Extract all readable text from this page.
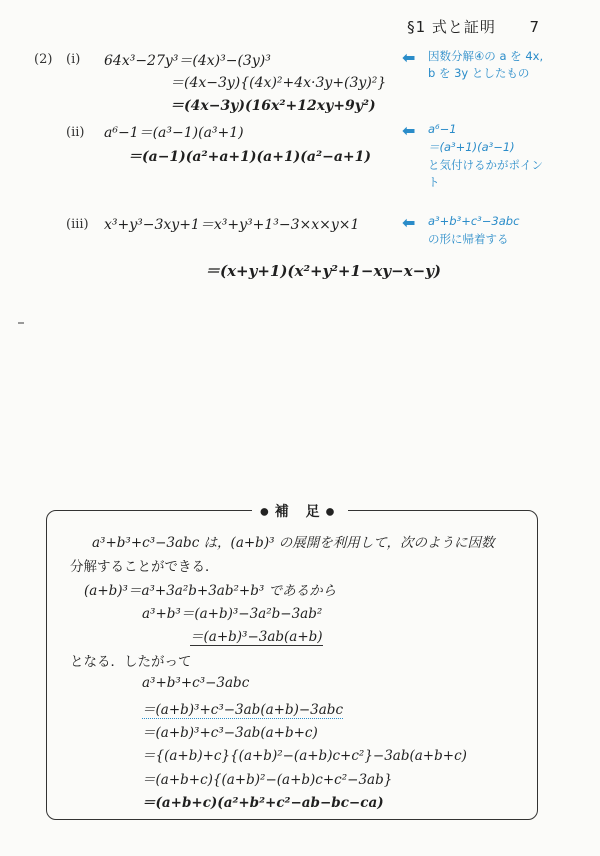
§1 式と証明 7
(2) (i) 64x³−27y³＝(4x)³−(3y)³
＝(4x−3y){(4x)²+4x·3y+(3y)²}
＝(4x−3y)(16x²+12xy+9y²)
⬅ 因数分解④の a を 4x, b を 3y としたもの
(ii) a⁶−1＝(a³−1)(a³+1)
＝(a−1)(a²+a+1)(a+1)(a²−a+1)
⬅ a⁶−1
＝(a³+1)(a³−1)
と気付けるかがポイント
(iii) x³+y³−3xy+1＝x³+y³+1³−3×x×y×1
＝(x+y+1)(x²+y²+1−xy−x−y)
⬅ a³+b³+c³−3abc
の形に帰着する
●補 足●
a³+b³+c³−3abc は，(a+b)³ の展開を利用して，次のように因数
分解することができる．
(a+b)³＝a³+3a²b+3ab²+b³ であるから
a³+b³＝(a+b)³−3a²b−3ab²
＝(a+b)³−3ab(a+b)
となる．したがって
a³+b³+c³−3abc
＝(a+b)³+c³−3ab(a+b)−3abc
＝(a+b)³+c³−3ab(a+b+c)
＝{(a+b)+c}{(a+b)²−(a+b)c+c²}−3ab(a+b+c)
＝(a+b+c){(a+b)²−(a+b)c+c²−3ab}
＝(a+b+c)(a²+b²+c²−ab−bc−ca)
